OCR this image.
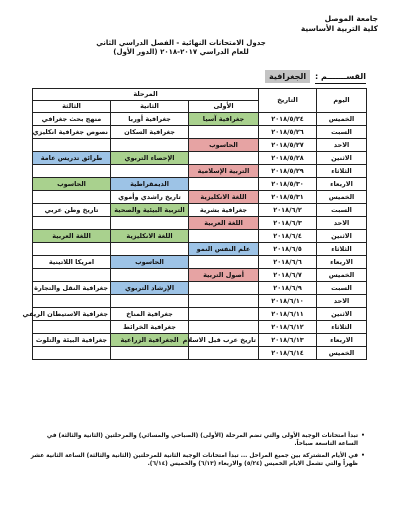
جامعة الموصل
كلية التربية الأساسية
جدول الامتحانات النهائية - الفصل الدراسي الثاني
للعام الدراسي ٢٠١٧-٢٠١٨ (الدور الأول)
القســـــــم : الجغرافية
اليوم	التاريخ	المرحلة		
		الأولى	الثانية	الثالثة
الخميس	٢٠١٨/٥/٢٤	جغرافية آسيا	جغرافية أوربا	منهج بحث جغرافي
السبت	٢٠١٨/٥/٢٦		جغرافية السكان	نصوص جغرافية انكليزي
الاحد	٢٠١٨/٥/٢٧	الحاسوب		
الاثنين	٢٠١٨/٥/٢٨		الإحصاء التربوي	طرائق تدريس عامة
الثلاثاء	٢٠١٨/٥/٢٩	التربية الإسلامية		
الاربعاء	٢٠١٨/٥/٣٠		الديمقراطية	الحاسوب
الخميس	٢٠١٨/٥/٣١	اللغة الانكليزية	تاريخ راشدي وأموي	
السبت	٢٠١٨/٦/٢	جغرافية بشرية	التربية البيئية والصحية	تاريخ وطن عربي
الاحد	٢٠١٨/٦/٣	اللغة العربية		
الاثنين	٢٠١٨/٦/٤		اللغة الانكليزية	اللغة العربية
الثلاثاء	٢٠١٨/٦/٥	علم النفس النمو		
الاربعاء	٢٠١٨/٦/٦		الحاسوب	امريكا اللاتينية
الخميس	٢٠١٨/٦/٧	أصول التربية		
السبت	٢٠١٨/٦/٩		الإرشاد التربوي	جغرافية النقل والتجارة
الاحد	٢٠١٨/٦/١٠			
الاثنين	٢٠١٨/٦/١١		جغرافية المناخ	جغرافية الاستيطان الريفي
الثلاثاء	٢٠١٨/٦/١٢		جغرافية الخرائط	
الاربعاء	٢٠١٨/٦/١٣	تاريخ عرب قبل الاسلام	الجغرافية الزراعية	جغرافية البيئة والتلوث
الخميس	٢٠١٨/٦/١٤			
•
تبدأ امتحانات الوجبة الأولى والتي تضم المرحلة (الأولى) (الصباحي والمسائي) والمرحلتين (الثانية والثالثة) في الساعة التاسعة صباحاً.
•
في الأيام المشتركة بين جميع المراحل ... تبدأ امتحانات الوجبة الثانية للمرحلتين (الثانية والثالثة) الساعة الثانية عشر ظهراً والتي تشمل الايام الخميس (٥/٢٤) والاربعاء (٦/١٣) والخميس (٦/١٤).
